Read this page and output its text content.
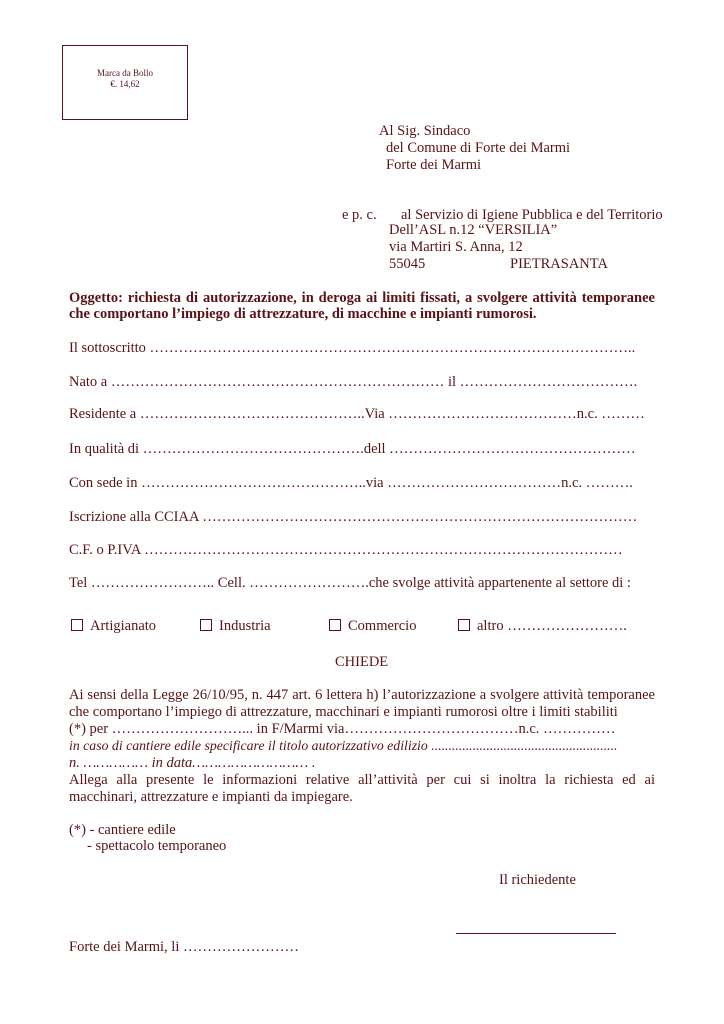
Marca da Bollo
€. 14,62
Al Sig. Sindaco
del Comune di Forte dei Marmi
Forte dei Marmi
e p. c. al Servizio di Igiene Pubblica e del Territorio
Dell’ASL n.12 “VERSILIA”
via Martiri S. Anna, 12
55045	PIETRASANTA
Oggetto: richiesta di autorizzazione, in deroga ai limiti fissati, a svolgere attività temporanee
che comportano l’impiego di attrezzature, di macchine e impianti rumorosi.
Il sottoscritto ………………………………………………………………………………………..
Nato a …………………………………………………………… il ……………………………….
Residente a ………………………………………..Via …………………………………n.c. ………
In qualità di ……………………………………….dell ……………………………………………
Con sede in ………………………………………..via ………………………………n.c. ……….
Iscrizione alla CCIAA ………………………………………………………………………………
C.F. o P.IVA ………………………………………………………………………………………
Tel …………………….. Cell. …………………….che svolge attività appartenente al settore di :
Artigianato	Industria	Commercio	altro …………………….
CHIEDE
Ai sensi della Legge 26/10/95, n. 447 art. 6 lettera h) l’autorizzazione a svolgere attività temporanee
che comportano l’impiego di attrezzature, macchinari e impianti rumorosi oltre i limiti stabiliti
(*) per ………………………... in F/Marmi via………………………………n.c. ……………
in caso di cantiere edile specificare il titolo autorizzativo edilizio ......................................................
n. …………… in data……………………… .
Allega alla presente le informazioni relative all’attività per cui si inoltra la richiesta ed ai
macchinari, attrezzature e impianti da impiegare.
(*) - cantiere edile
- spettacolo temporaneo
Il richiedente
Forte dei Marmi, li ……………………
